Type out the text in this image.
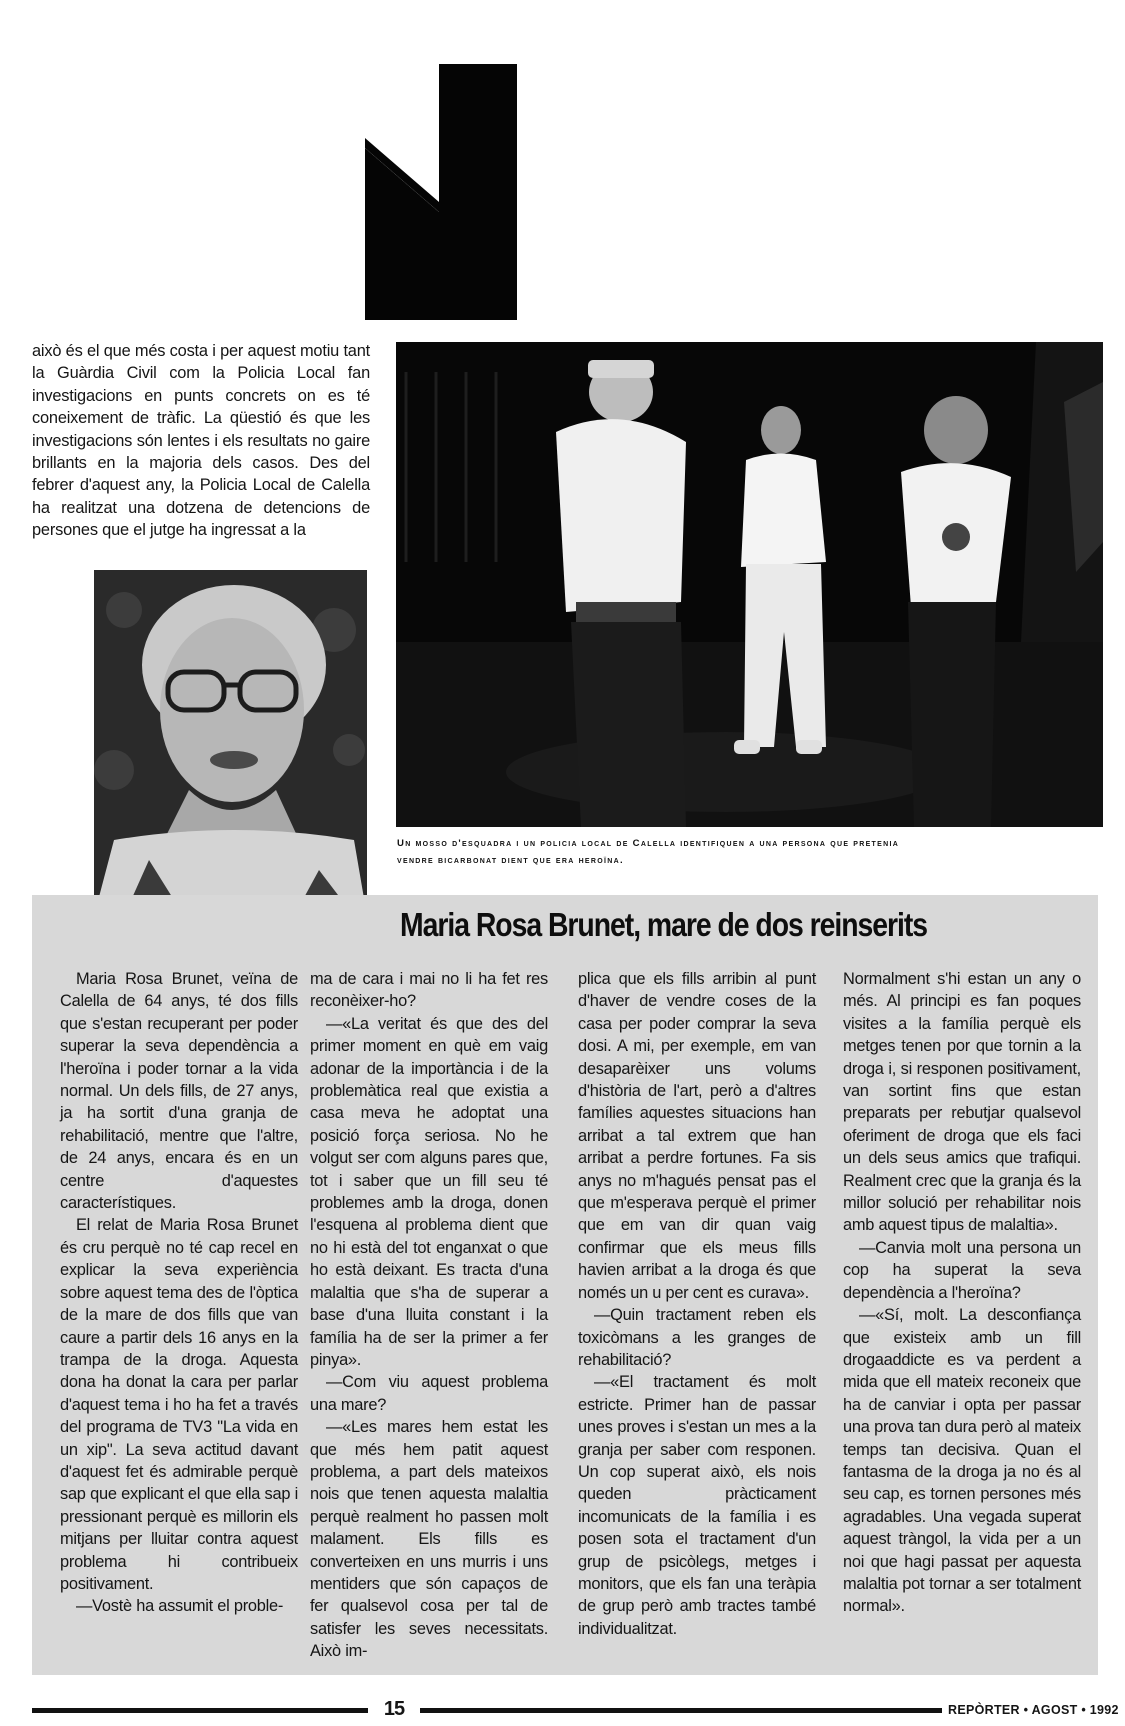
això és el que més costa i per aquest motiu tant la Guàrdia Civil com la Policia Local fan investigacions en punts concrets on es té coneixement de tràfic. La qüestió és que les investigacions són lentes i els resultats no gaire brillants en la majoria dels casos. Des del febrer d'aquest any, la Policia Local de Calella ha realitzat una dotzena de detencions de persones que el jutge ha ingressat a la
Un mosso d'esquadra i un policia local de Calella identifiquen a una persona que pretenia
vendre bicarbonat dient que era heroïna.
Maria Rosa Brunet, mare de dos reinserits

Maria Rosa Brunet, veïna de Calella de 64 anys, té dos fills que s'estan recuperant per poder superar la seva dependència a l'heroïna i poder tornar a la vida normal. Un dels fills, de 27 anys, ja ha sortit d'una granja de rehabilitació, mentre que l'altre, de 24 anys, encara és en un centre d'aquestes característiques.

El relat de Maria Rosa Brunet és cru perquè no té cap recel en explicar la seva experiència sobre aquest tema des de l'òptica de la mare de dos fills que van caure a partir dels 16 anys en la trampa de la droga. Aquesta dona ha donat la cara per parlar d'aquest tema i ho ha fet a través del programa de TV3 "La vida en un xip". La seva actitud davant d'aquest fet és admirable perquè sap que explicant el que ella sap i pressionant perquè es millorin els mitjans per lluitar contra aquest problema hi contribueix positivament.

—Vostè ha assumit el proble-

ma de cara i mai no li ha fet res reconèixer-ho?

—«La veritat és que des del primer moment en què em vaig adonar de la importància i de la problemàtica real que existia a casa meva he adoptat una posició força seriosa. No he volgut ser com alguns pares que, tot i saber que un fill seu té problemes amb la droga, donen l'esquena al problema dient que no hi està del tot enganxat o que ho està deixant. Es tracta d'una malaltia que s'ha de superar a base d'una lluita constant i la família ha de ser la primer a fer pinya».

—Com viu aquest problema una mare?

—«Les mares hem estat les que més hem patit aquest problema, a part dels mateixos nois que tenen aquesta malaltia perquè realment ho passen molt malament. Els fills es converteixen en uns murris i uns mentiders que són capaços de fer qualsevol cosa per tal de satisfer les seves necessitats. Això im-

plica que els fills arribin al punt d'haver de vendre coses de la casa per poder comprar la seva dosi. A mi, per exemple, em van desaparèixer uns volums d'història de l'art, però a d'altres famílies aquestes situacions han arribat a tal extrem que han arribat a perdre fortunes. Fa sis anys no m'hagués pensat pas el que m'esperava perquè el primer que em van dir quan vaig confirmar que els meus fills havien arribat a la droga és que només un u per cent es curava».

—Quin tractament reben els toxicòmans a les granges de rehabilitació?

—«El tractament és molt estricte. Primer han de passar unes proves i s'estan un mes a la granja per saber com responen. Un cop superat això, els nois queden pràcticament incomunicats de la família i es posen sota el tractament d'un grup de psicòlegs, metges i monitors, que els fan una teràpia de grup però amb tractes també individualitzat.

Normalment s'hi estan un any o més. Al principi es fan poques visites a la família perquè els metges tenen por que tornin a la droga i, si responen positivament, van sortint fins que estan preparats per rebutjar qualsevol oferiment de droga que els faci un dels seus amics que trafiqui. Realment crec que la granja és la millor solució per rehabilitar nois amb aquest tipus de malaltia».

—Canvia molt una persona un cop ha superat la seva dependència a l'heroïna?

—«Sí, molt. La desconfiança que existeix amb un fill drogaaddicte es va perdent a mida que ell mateix reconeix que ha de canviar i opta per passar una prova tan dura però al mateix temps tan decisiva. Quan el fantasma de la droga ja no és al seu cap, es tornen persones més agradables. Una vegada superat aquest tràngol, la vida per a un noi que hagi passat per aquesta malaltia pot tornar a ser totalment normal».

15	REPÒRTER • AGOST • 1992
